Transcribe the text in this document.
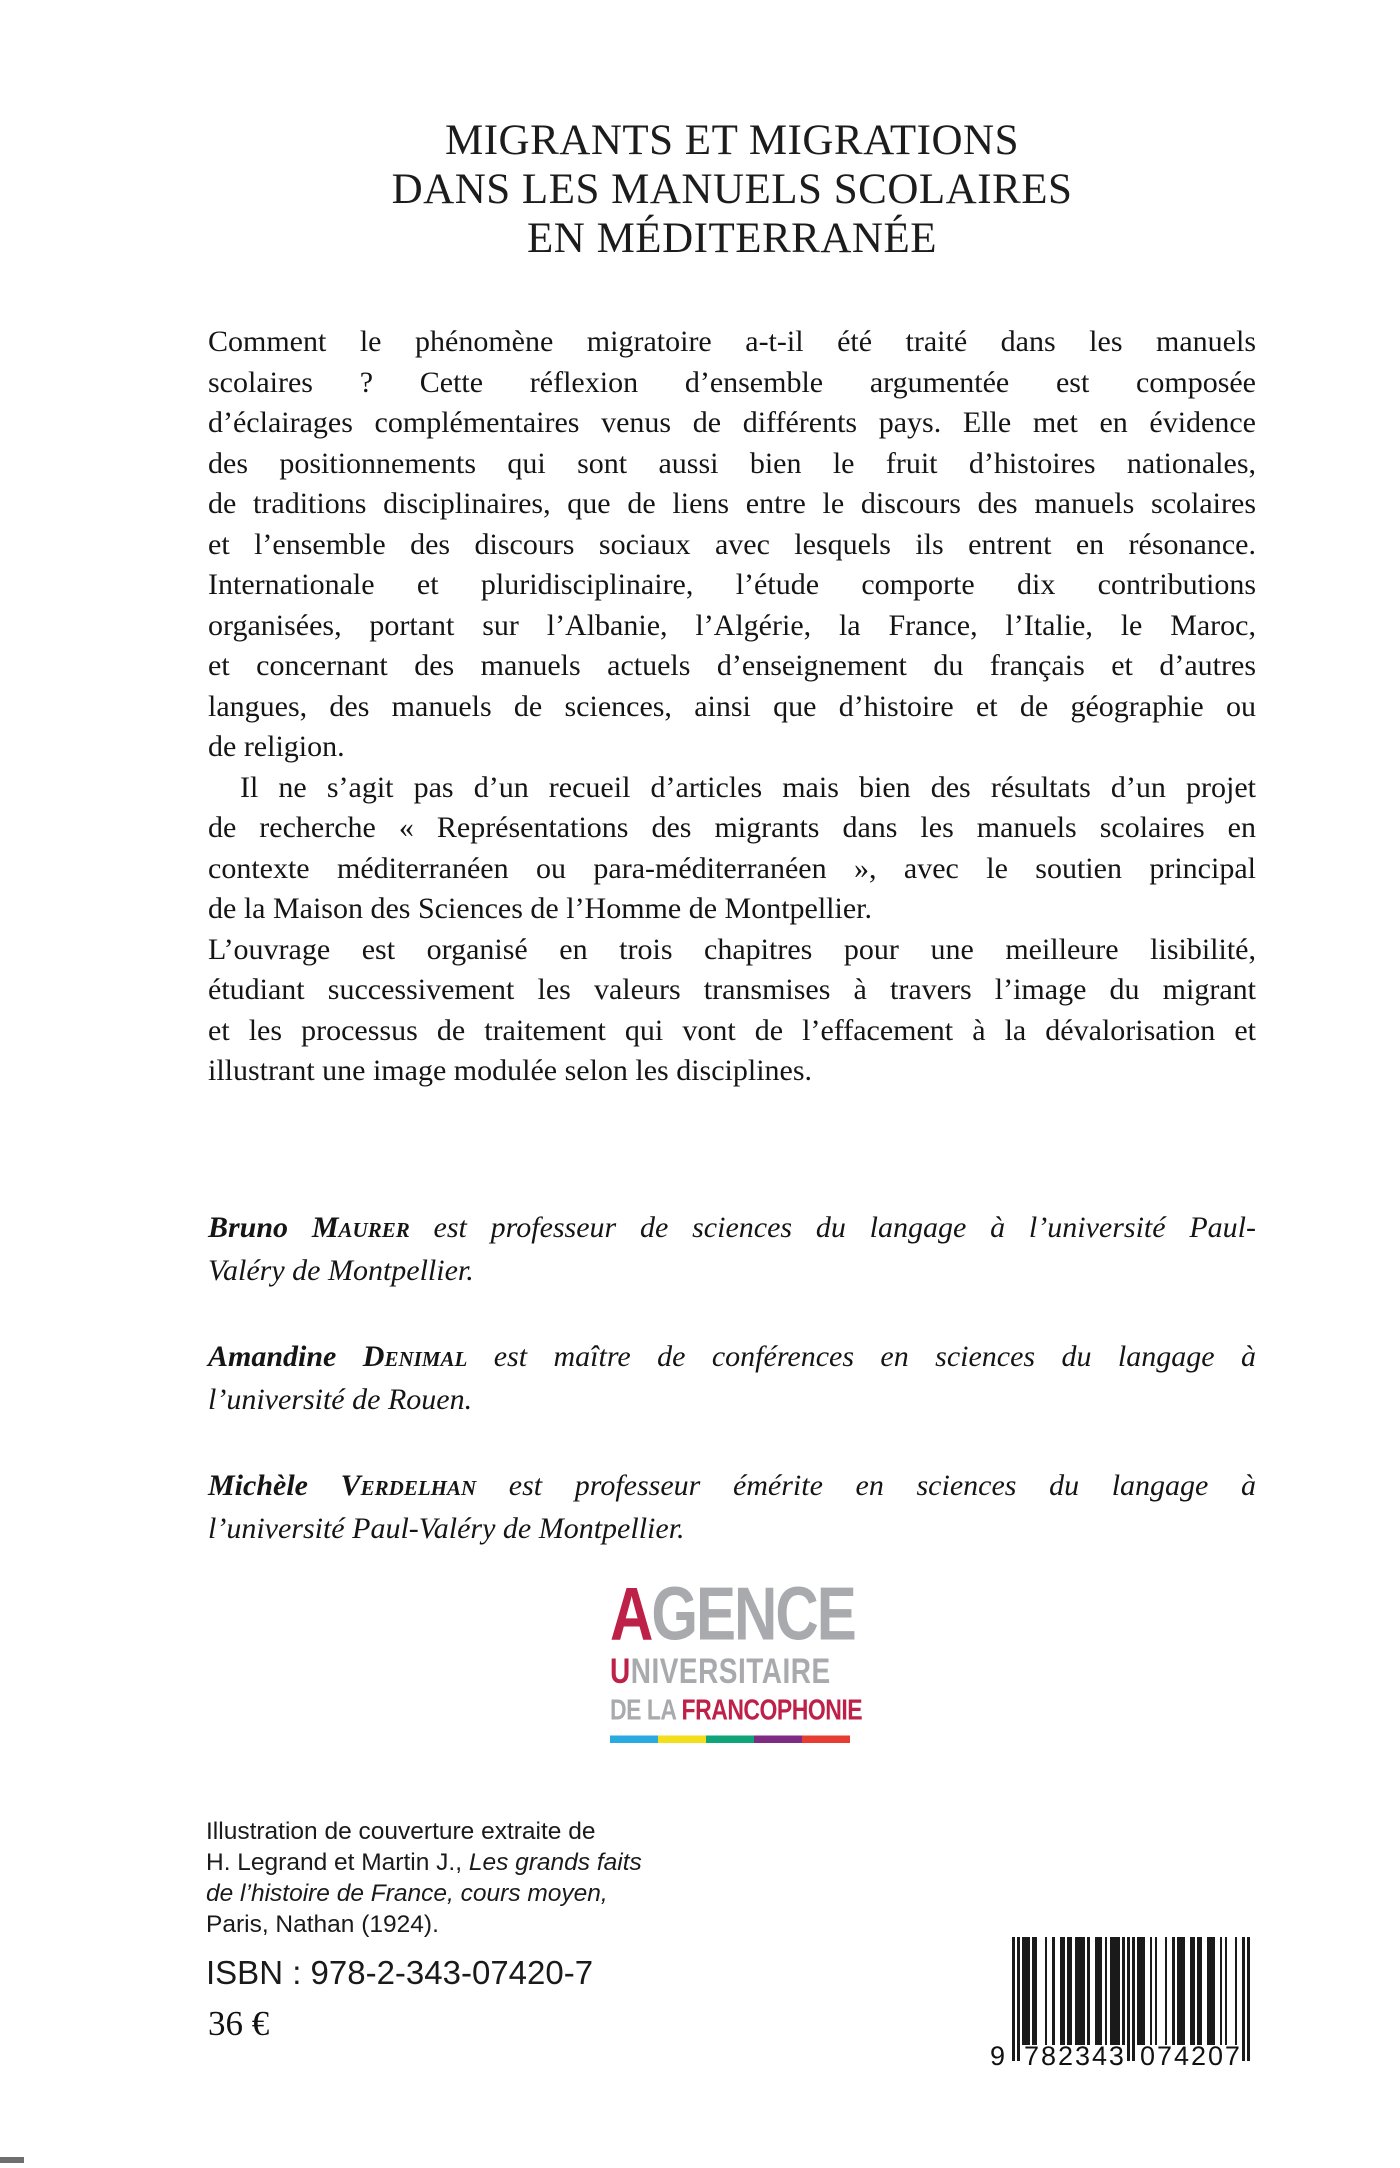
MIGRANTS ET MIGRATIONS
DANS LES MANUELS SCOLAIRES
EN MÉDITERRANÉE
Comment le phénomène migratoire a-t-il été traité dans les manuels
scolaires ? Cette réflexion d’ensemble argumentée est composée
d’éclairages complémentaires venus de différents pays. Elle met en évidence
des positionnements qui sont aussi bien le fruit d’histoires nationales,
de traditions disciplinaires, que de liens entre le discours des manuels scolaires
et l’ensemble des discours sociaux avec lesquels ils entrent en résonance.
Internationale et pluridisciplinaire, l’étude comporte dix contributions
organisées, portant sur l’Albanie, l’Algérie, la France, l’Italie, le Maroc,
et concernant des manuels actuels d’enseignement du français et d’autres
langues, des manuels de sciences, ainsi que d’histoire et de géographie ou
de religion.
Il ne s’agit pas d’un recueil d’articles mais bien des résultats d’un projet
de recherche « Représentations des migrants dans les manuels scolaires en
contexte méditerranéen ou para-méditerranéen », avec le soutien principal
de la Maison des Sciences de l’Homme de Montpellier.
L’ouvrage est organisé en trois chapitres pour une meilleure lisibilité,
étudiant successivement les valeurs transmises à travers l’image du migrant
et les processus de traitement qui vont de l’effacement à la dévalorisation et
illustrant une image modulée selon les disciplines.
Bruno Maurer est professeur de sciences du langage à l’université Paul-
Valéry de Montpellier.
Amandine Denimal est maître de conférences en sciences du langage à
l’université de Rouen.
Michèle Verdelhan est professeur émérite en sciences du langage à
l’université Paul-Valéry de Montpellier.
AGENCE
UNIVERSITAIRE
DE LA FRANCOPHONIE
Illustration de couverture extraite de
H. Legrand et Martin J., Les grands faits
de l’histoire de France, cours moyen,
Paris, Nathan (1924).
ISBN : 978-2-343-07420-7
36 €
9 7 8 2 3 4 3 0 7 4 2 0 7
